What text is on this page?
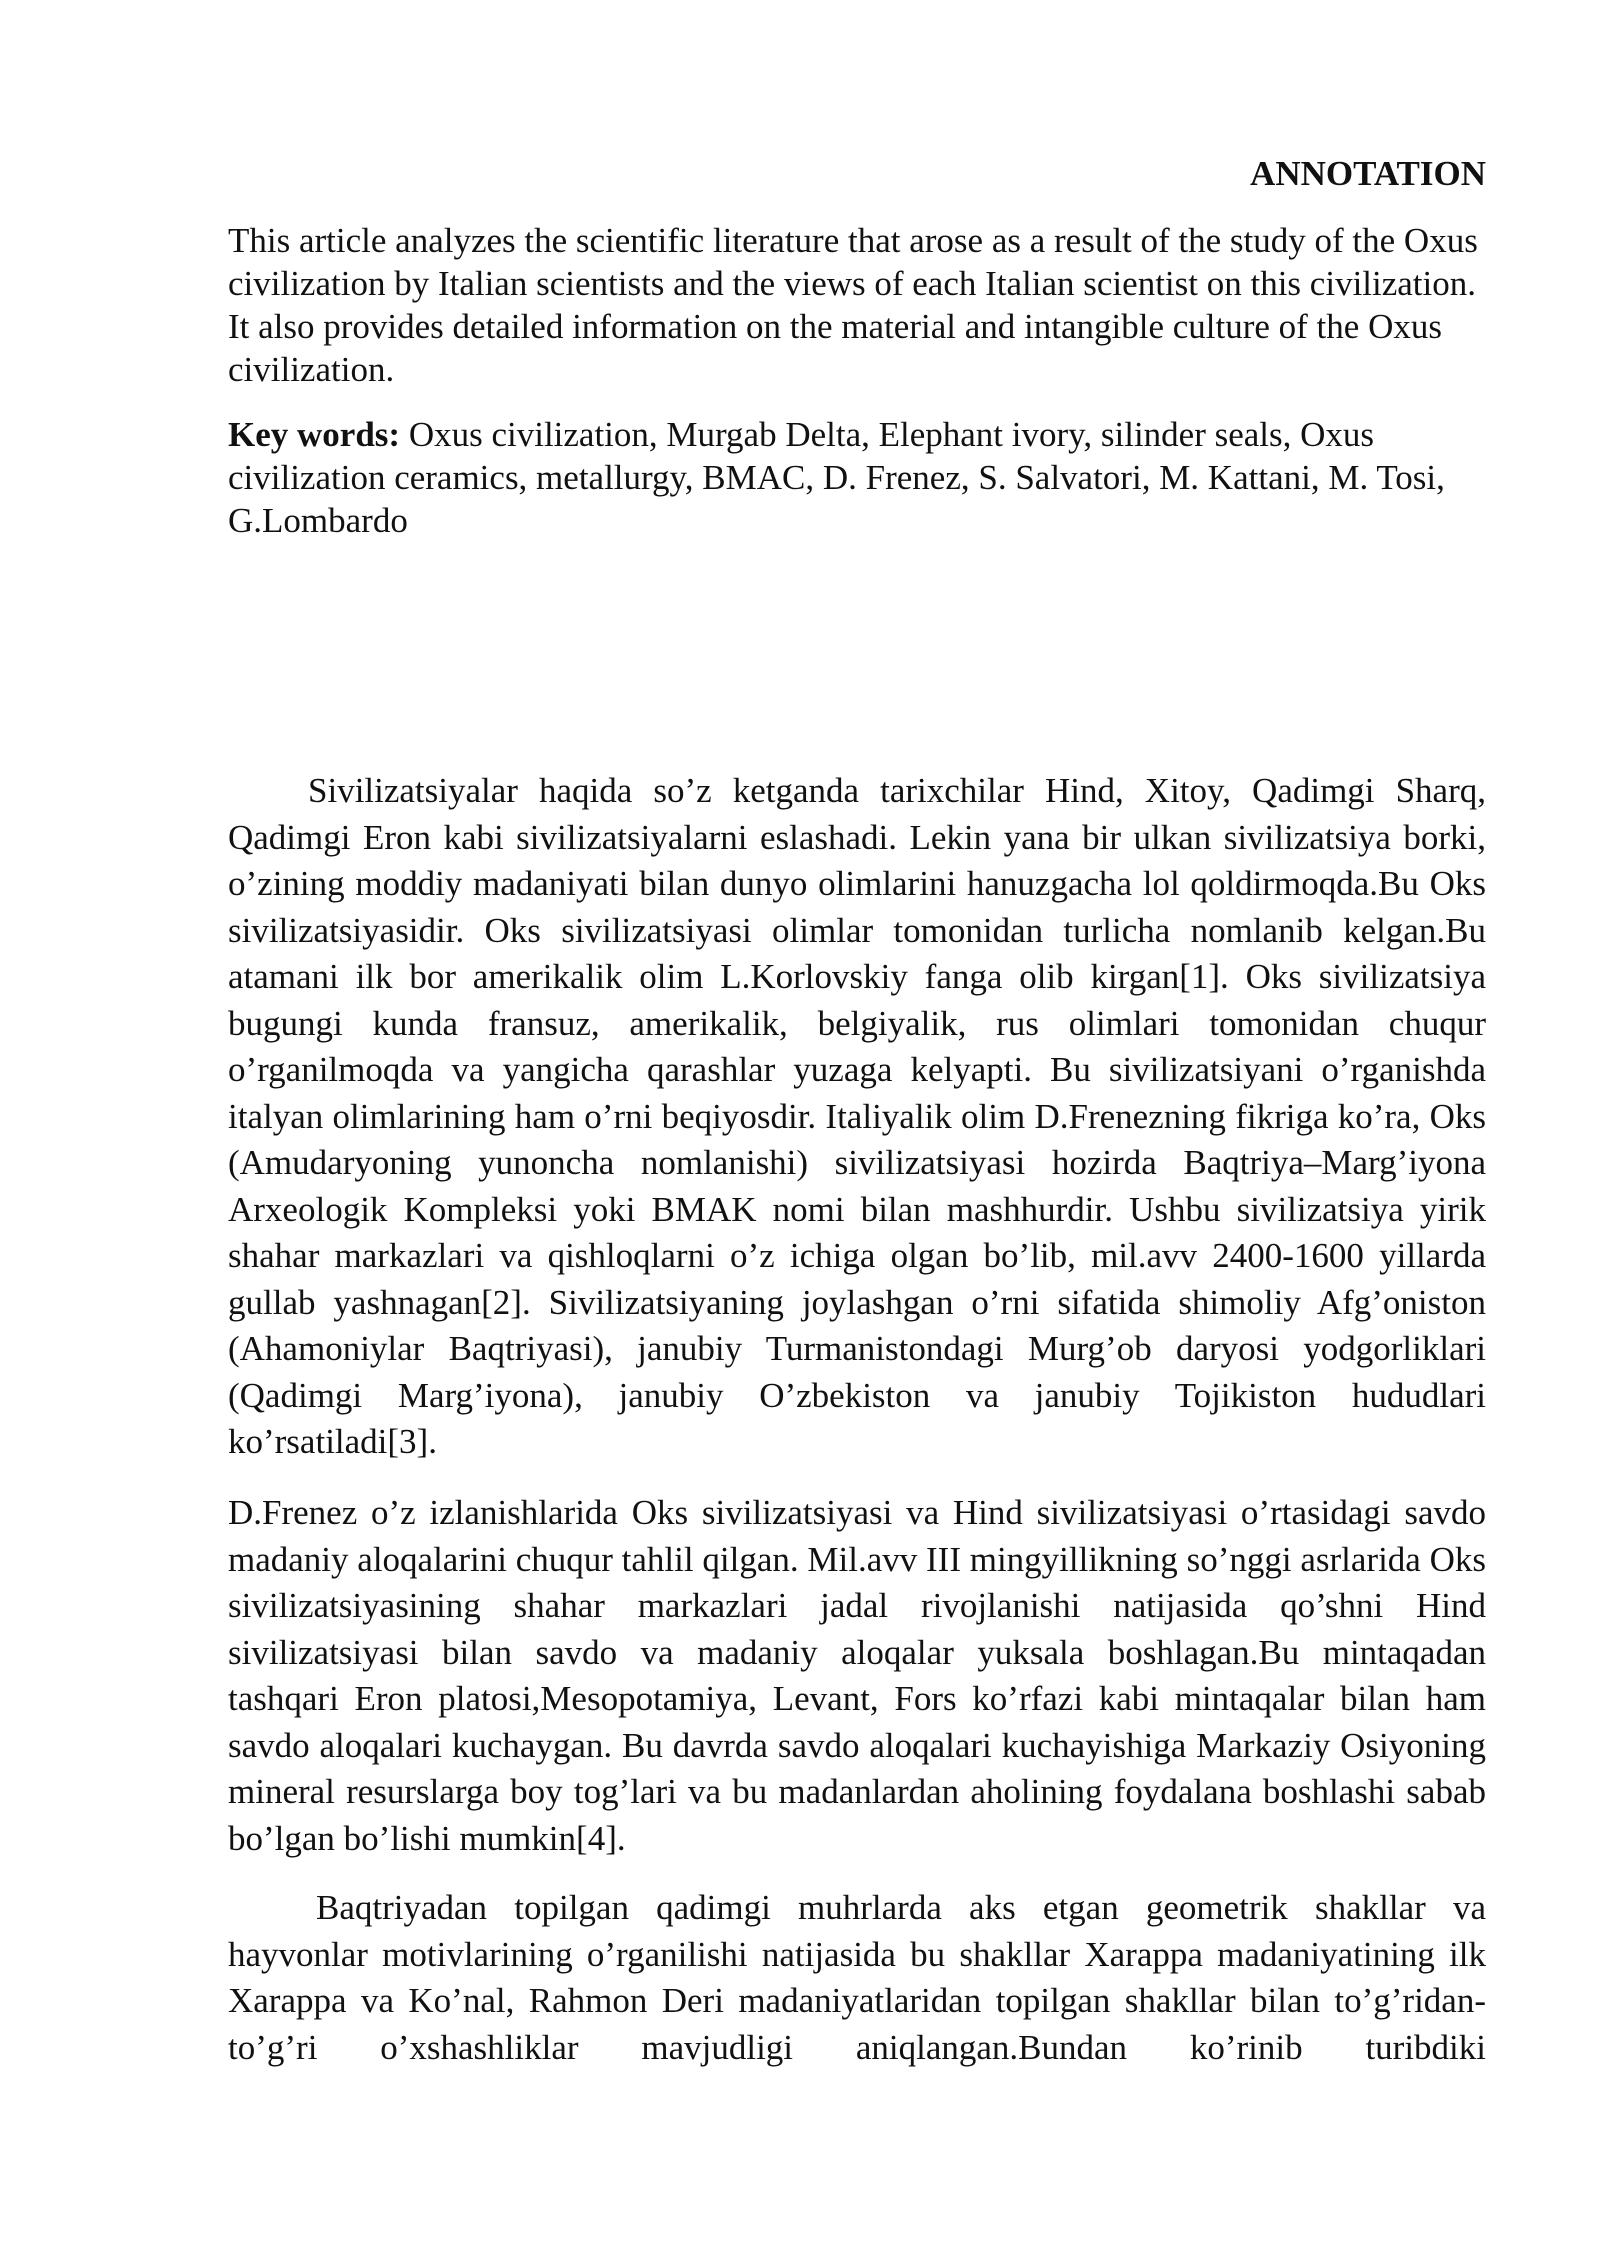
ANNOTATION

This article analyzes the scientific literature that arose as a result of the study of the Oxus civilization by Italian scientists and the views of each Italian scientist on this civilization. It also provides detailed information on the material and intangible culture of the Oxus civilization.

Key words: Oxus civilization, Murgab Delta, Elephant ivory, silinder seals, Oxus civilization ceramics, metallurgy, BMAC, D. Frenez, S. Salvatori, M. Kattani, M. Tosi, G.Lombardo

Sivilizatsiyalar haqida so’z ketganda tarixchilar Hind, Xitoy, Qadimgi Sharq, Qadimgi Eron kabi sivilizatsiyalarni eslashadi. Lekin yana bir ulkan sivilizatsiya borki, o’zining moddiy madaniyati bilan dunyo olimlarini hanuzgacha lol qoldirmoqda.Bu Oks sivilizatsiyasidir. Oks sivilizatsiyasi olimlar tomonidan turlicha nomlanib kelgan.Bu atamani ilk bor amerikalik olim L.Korlovskiy fanga olib kirgan[1]. Oks sivilizatsiya bugungi kunda fransuz, amerikalik, belgiyalik, rus olimlari tomonidan chuqur o’rganilmoqda va yangicha qarashlar yuzaga kelyapti. Bu sivilizatsiyani o’rganishda italyan olimlarining ham o’rni beqiyosdir. Italiyalik olim D.Frenezning fikriga ko’ra, Oks (Amudaryoning yunoncha nomlanishi) sivilizatsiyasi hozirda Baqtriya–Marg’iyona Arxeologik Kompleksi yoki BMAK nomi bilan mashhurdir. Ushbu sivilizatsiya yirik shahar markazlari va qishloqlarni o’z ichiga olgan bo’lib, mil.avv 2400-1600 yillarda gullab yashnagan[2]. Sivilizatsiyaning joylashgan o’rni sifatida shimoliy Afg’oniston (Ahamoniylar Baqtriyasi), janubiy Turmanistondagi Murg’ob daryosi yodgorliklari (Qadimgi Marg’iyona), janubiy O’zbekiston va janubiy Tojikiston hududlari ko’rsatiladi[3].

D.Frenez o’z izlanishlarida Oks sivilizatsiyasi va Hind sivilizatsiyasi o’rtasidagi savdo madaniy aloqalarini chuqur tahlil qilgan. Mil.avv III mingyillikning so’nggi asrlarida Oks sivilizatsiyasining shahar markazlari jadal rivojlanishi natijasida qo’shni Hind sivilizatsiyasi bilan savdo va madaniy aloqalar yuksala boshlagan.Bu mintaqadan tashqari Eron platosi,Mesopotamiya, Levant, Fors ko’rfazi kabi mintaqalar bilan ham savdo aloqalari kuchaygan. Bu davrda savdo aloqalari kuchayishiga Markaziy Osiyoning mineral resurslarga boy tog’lari va bu madanlardan aholining foydalana boshlashi sabab bo’lgan bo’lishi mumkin[4].

Baqtriyadan topilgan qadimgi muhrlarda aks etgan geometrik shakllar va hayvonlar motivlarining o’rganilishi natijasida bu shakllar Xarappa madaniyatining ilk Xarappa va Ko’nal, Rahmon Deri madaniyatlaridan topilgan shakllar bilan to’g’ridan-to’g’ri o’xshashliklar mavjudligi aniqlangan.Bundan ko’rinib turibdiki
